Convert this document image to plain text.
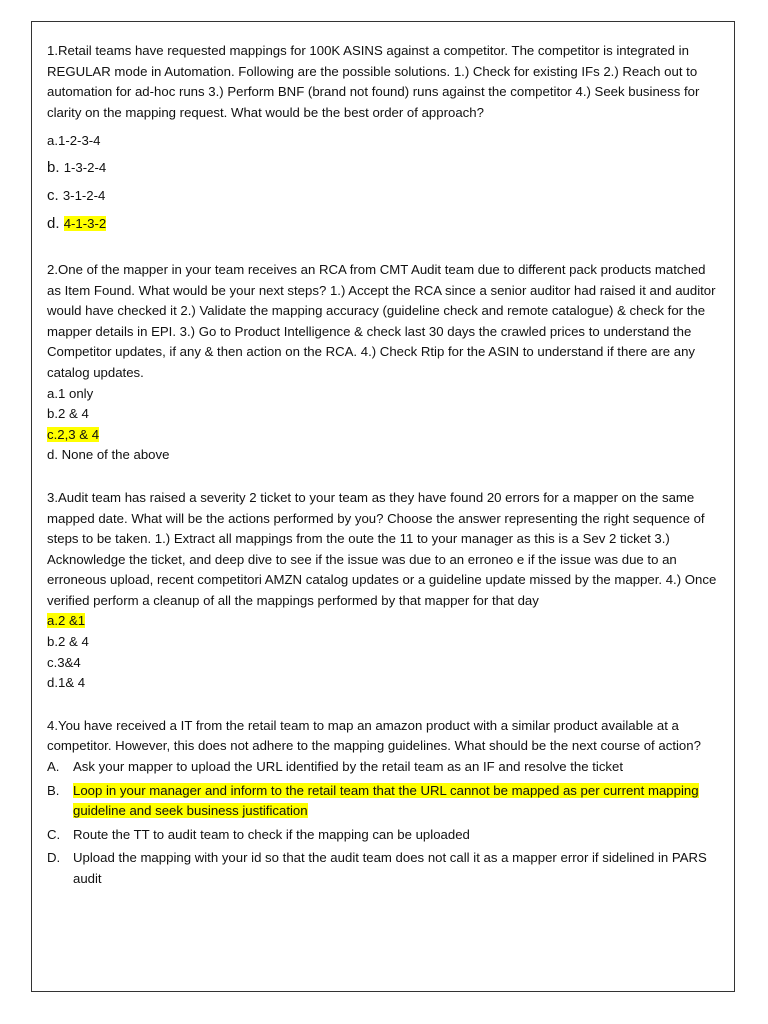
1.Retail teams have requested mappings for 100K ASINS against a competitor. The competitor is integrated in REGULAR mode in Automation. Following are the possible solutions. 1.) Check for existing IFs 2.) Reach out to automation for ad-hoc runs 3.) Perform BNF (brand not found) runs against the competitor 4.) Seek business for clarity on the mapping request. What would be the best order of approach?

a.1-2-3-4

b. 1-3-2-4

c. 3-1-2-4

d. 4-1-3-2

2.One of the mapper in your team receives an RCA from CMT Audit team due to different pack products matched as Item Found. What would be your next steps? 1.) Accept the RCA since a senior auditor had raised it and auditor would have checked it 2.) Validate the mapping accuracy (guideline check and remote catalogue) & check for the mapper details in EPI. 3.) Go to Product Intelligence & check last 30 days the crawled prices to understand the Competitor updates, if any & then action on the RCA. 4.) Check Rtip for the ASIN to understand if there are any catalog updates.

a.1 only

b.2 & 4

c.2,3 & 4

d. None of the above

3.Audit team has raised a severity 2 ticket to your team as they have found 20 errors for a mapper on the same mapped date. What will be the actions performed by you? Choose the answer representing the right sequence of steps to be taken. 1.) Extract all mappings from the oute the 11 to your manager as this is a Sev 2 ticket 3.) Acknowledge the ticket, and deep dive to see if the issue was due to an erroneo e if the issue was due to an erroneous upload, recent competitori AMZN catalog updates or a guideline update missed by the mapper. 4.) Once verified perform a cleanup of all the mappings performed by that mapper for that day

a.2 &1

b.2 & 4

c.3&4

d.1& 4

4.You have received a IT from the retail team to map an amazon product with a similar product available at a competitor. However, this does not adhere to the mapping guidelines. What should be the next course of action?

A. Ask your mapper to upload the URL identified by the retail team as an IF and resolve the ticket

B. Loop in your manager and inform to the retail team that the URL cannot be mapped as per current mapping guideline and seek business justification

C. Route the TT to audit team to check if the mapping can be uploaded

D. Upload the mapping with your id so that the audit team does not call it as a mapper error if sidelined in PARS audit
